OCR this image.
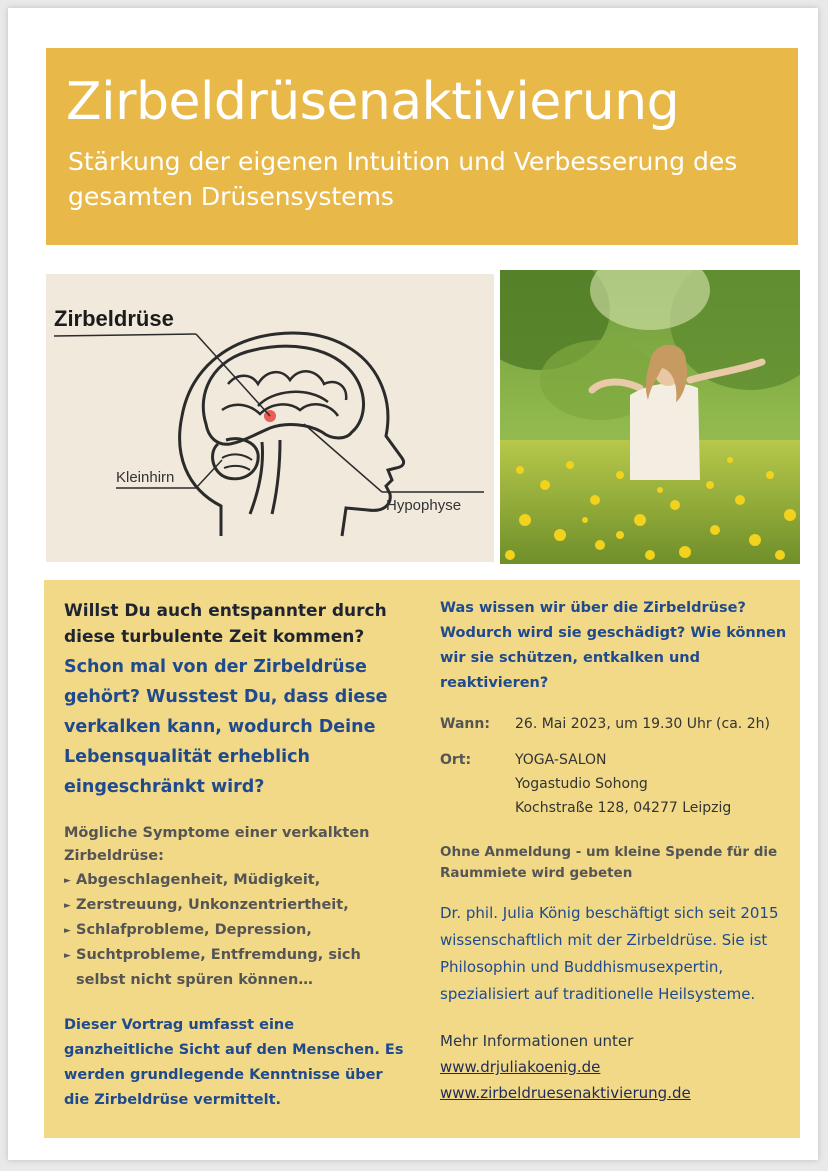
Zirbeldrüsenaktivierung

Stärkung der eigenen Intuition und Verbesserung des gesamten Drüsensystems

Zirbeldrüse
Kleinhirn
Hypophyse

Willst Du auch entspannter durch diese turbulente Zeit kommen?

Schon mal von der Zirbeldrüse gehört? Wusstest Du, dass diese verkalken kann, wodurch Deine Lebensqualität erheblich eingeschränkt wird?

Mögliche Symptome einer verkalkten Zirbeldrüse:

► Abgeschlagenheit, Müdigkeit,
► Zerstreuung, Unkonzentriertheit,
► Schlafprobleme, Depression,
► Suchtprobleme, Entfremdung, sich selbst nicht spüren können…

Dieser Vortrag umfasst eine ganzheitliche Sicht auf den Menschen. Es werden grundlegende Kenntnisse über die Zirbeldrüse vermittelt.

Was wissen wir über die Zirbeldrüse? Wodurch wird sie geschädigt? Wie können wir sie schützen, entkalken und reaktivieren?

Wann:	26. Mai 2023, um 19.30 Uhr (ca. 2h)

Ort:	YOGA-SALON
Yogastudio Sohong
Kochstraße 128, 04277 Leipzig

Ohne Anmeldung - um kleine Spende für die Raummiete wird gebeten

Dr. phil. Julia König beschäftigt sich seit 2015 wissenschaftlich mit der Zirbeldrüse. Sie ist Philosophin und Buddhismusexpertin, spezialisiert auf traditionelle Heilsysteme.

Mehr Informationen unter

www.drjuliakoenig.de
www.zirbeldruesenaktivierung.de
